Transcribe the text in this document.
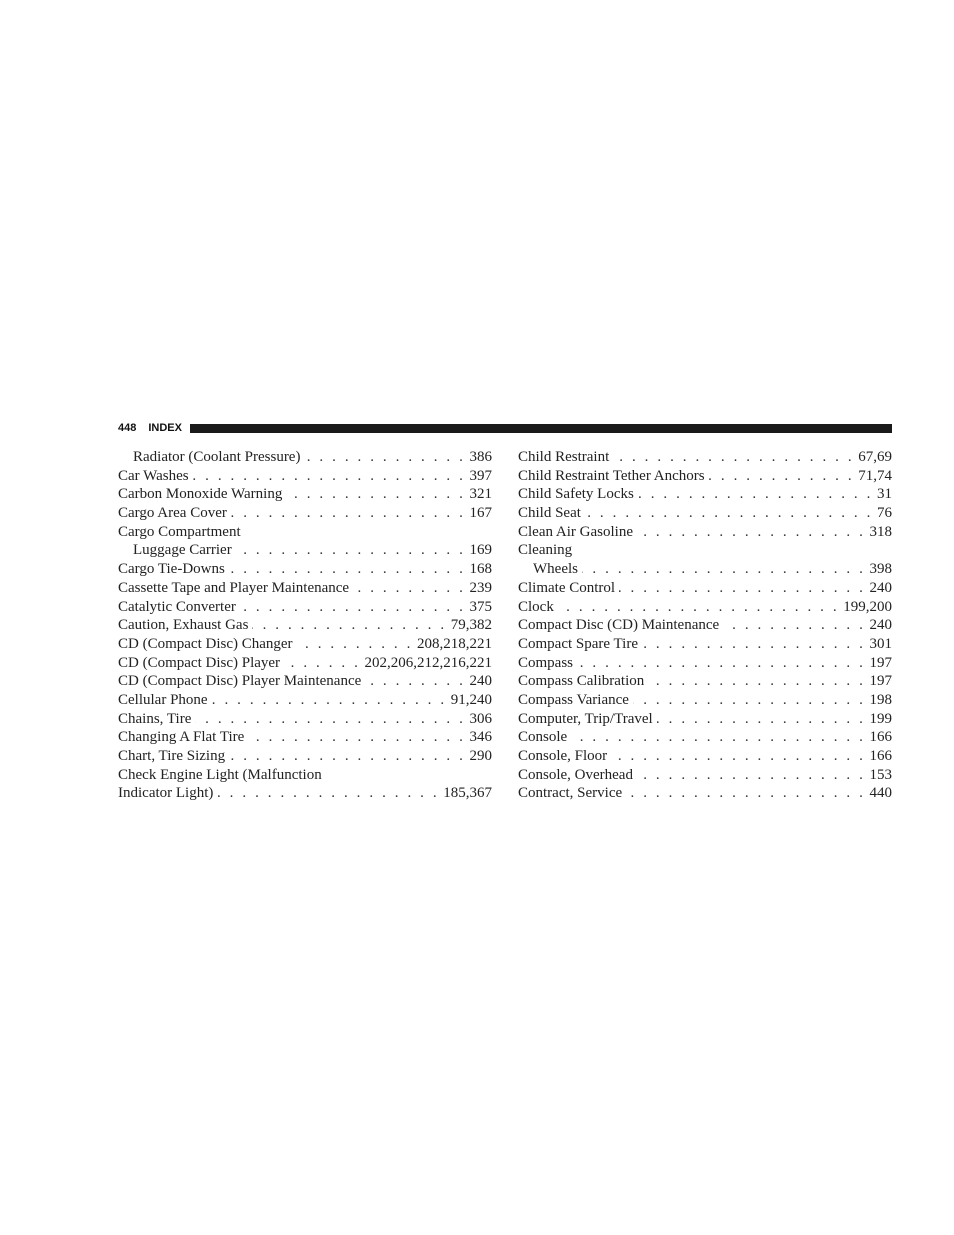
448 INDEX
Radiator (Coolant Pressure) . . .	386
Car Washes . . .	397
Carbon Monoxide Warning . . .	321
Cargo Area Cover . . .	167
Cargo Compartment
Luggage Carrier . . .	169
Cargo Tie-Downs . . .	168
Cassette Tape and Player Maintenance . . .	239
Catalytic Converter . . .	375
Caution, Exhaust Gas . . .	79,382
CD (Compact Disc) Changer . . .	208,218,221
CD (Compact Disc) Player . . .	202,206,212,216,221
CD (Compact Disc) Player Maintenance . . .	240
Cellular Phone . . .	91,240
Chains, Tire . . .	306
Changing A Flat Tire . . .	346
Chart, Tire Sizing . . .	290
Check Engine Light (Malfunction
Indicator Light) . . .	185,367
Child Restraint . . .	67,69
Child Restraint Tether Anchors . . .	71,74
Child Safety Locks . . .	31
Child Seat . . .	76
Clean Air Gasoline . . .	318
Cleaning
Wheels . . .	398
Climate Control . . .	240
Clock . . .	199,200
Compact Disc (CD) Maintenance . . .	240
Compact Spare Tire . . .	301
Compass . . .	197
Compass Calibration . . .	197
Compass Variance . . .	198
Computer, Trip/Travel . . .	199
Console . . .	166
Console, Floor . . .	166
Console, Overhead . . .	153
Contract, Service . . .	440
